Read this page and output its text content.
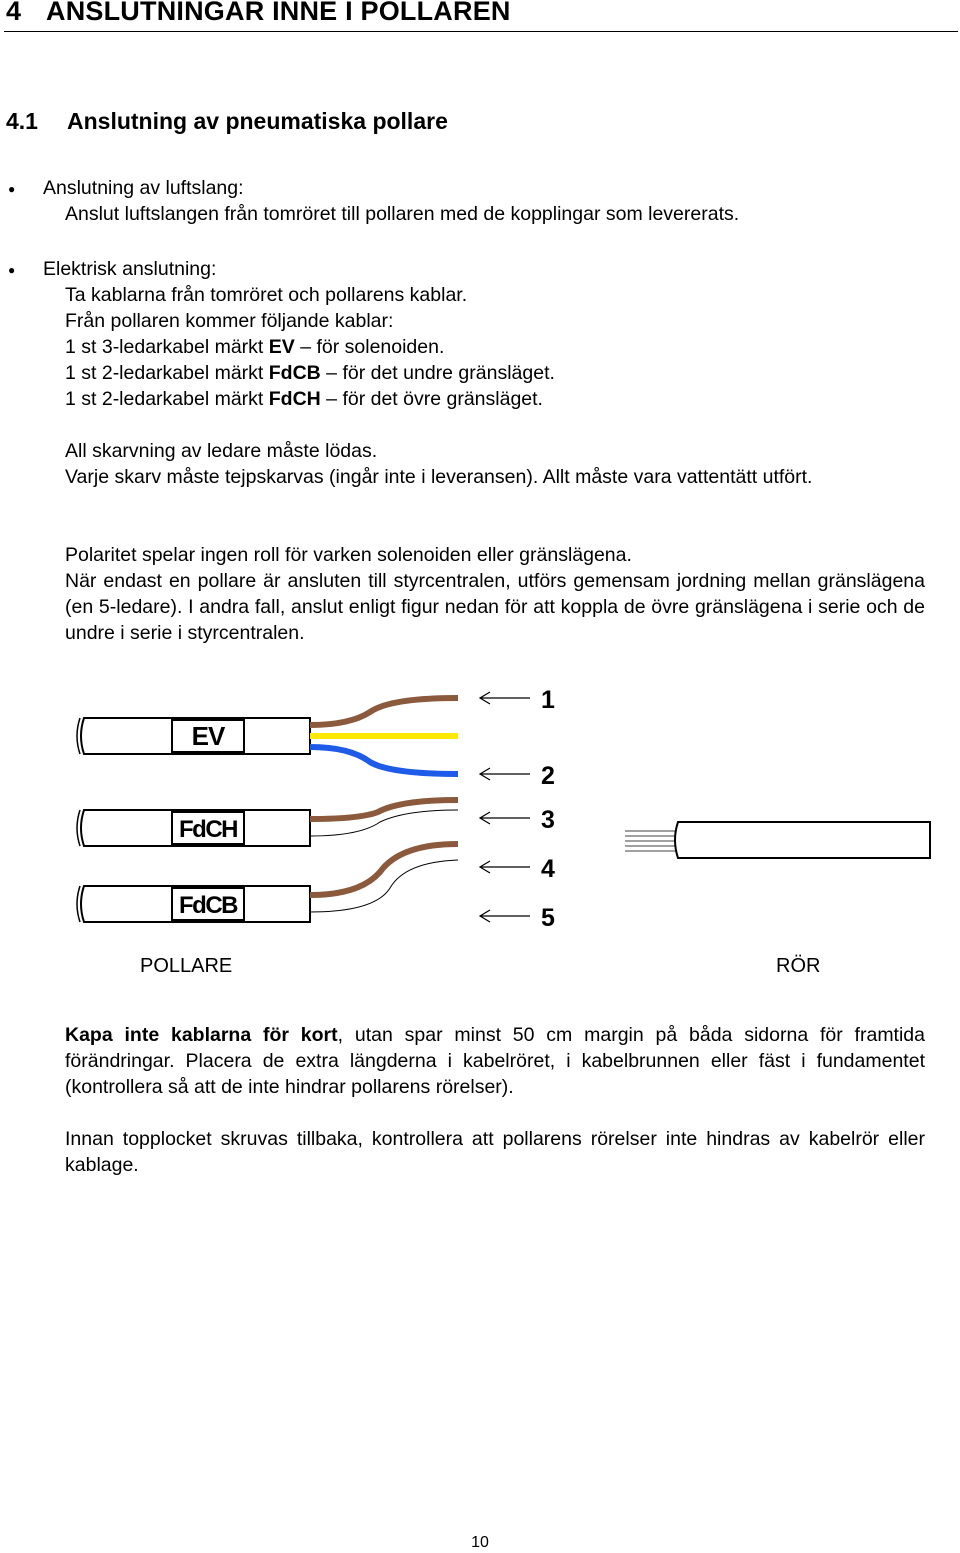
4 ANSLUTNINGAR INNE I POLLAREN
4.1 Anslutning av pneumatiska pollare
● Anslutning av luftslang:
Anslut luftslangen från tomröret till pollaren med de kopplingar som levererats.
● Elektrisk anslutning:
Ta kablarna från tomröret och pollarens kablar.
Från pollaren kommer följande kablar:
1 st 3-ledarkabel märkt EV – för solenoiden.
1 st 2-ledarkabel märkt FdCB – för det undre gränsläget.
1 st 2-ledarkabel märkt FdCH – för det övre gränsläget.
All skarvning av ledare måste lödas.
Varje skarv måste tejpskarvas (ingår inte i leveransen). Allt måste vara vattentätt utfört.
Polaritet spelar ingen roll för varken solenoiden eller gränslägena.
När endast en pollare är ansluten till styrcentralen, utförs gemensam jordning mellan gränslägena (en 5-ledare). I andra fall, anslut enligt figur nedan för att koppla de övre gränslägena i serie och de undre i serie i styrcentralen.
EV
FdCH
FdCB
1
2
3
4
5
POLLARE	RÖR
Kapa inte kablarna för kort, utan spar minst 50 cm margin på båda sidorna för framtida förändringar. Placera de extra längderna i kabelröret, i kabelbrunnen eller fäst i fundamentet (kontrollera så att de inte hindrar pollarens rörelser).
Innan topplocket skruvas tillbaka, kontrollera att pollarens rörelser inte hindras av kabelrör eller kablage.
10
